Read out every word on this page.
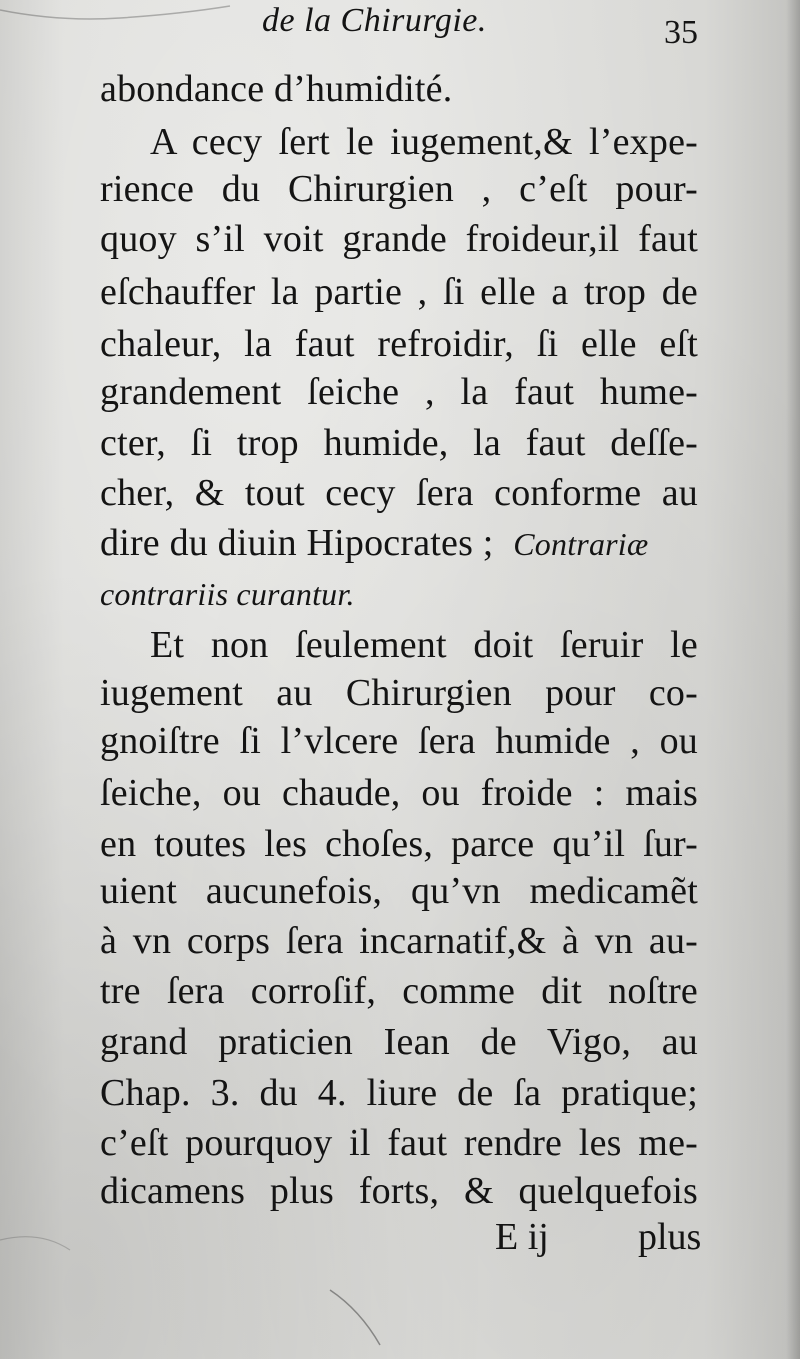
de la Chirurgie.	35
abondance d’humidité.
A cecy ſert le iugement,& l’expe-
rience du Chirurgien , c’eſt pour-
quoy s’il voit grande froideur,il faut
eſchauffer la partie , ſi elle a trop de
chaleur, la faut refroidir, ſi elle eſt
grandement ſeiche , la faut hume-
cter, ſi trop humide, la faut deſſe-
cher, & tout cecy ſera conforme au
dire du diuin Hipocrates ; Contrariæ
contrariis curantur.
Et non ſeulement doit ſeruir le
iugement au Chirurgien pour co-
gnoiſtre ſi l’vlcere ſera humide , ou
ſeiche, ou chaude, ou froide : mais
en toutes les choſes, parce qu’il ſur-
uient aucunefois, qu’vn medicamẽt
à vn corps ſera incarnatif,& à vn au-
tre ſera corroſif, comme dit noſtre
grand praticien Iean de Vigo, au
Chap. 3. du 4. liure de ſa pratique;
c’eſt pourquoy il faut rendre les me-
dicamens plus forts, & quelquefois
E ij plus
